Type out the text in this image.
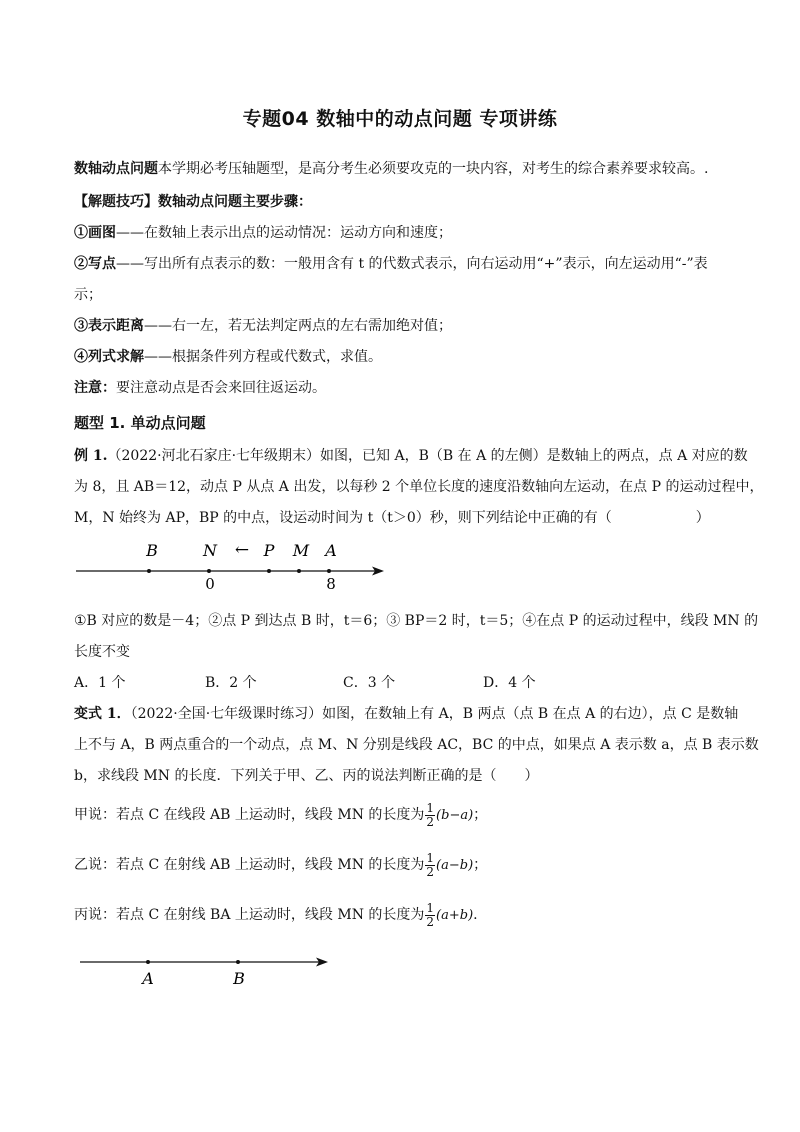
专题04 数轴中的动点问题 专项讲练
数轴动点问题本学期必考压轴题型，是高分考生必须要攻克的一块内容，对考生的综合素养要求较高。.
【解题技巧】数轴动点问题主要步骤：
①画图——在数轴上表示出点的运动情况：运动方向和速度；
②写点——写出所有点表示的数：一般用含有 t 的代数式表示，向右运动用“+”表示，向左运动用“-”表
示；
③表示距离——右一左，若无法判定两点的左右需加绝对值；
④列式求解——根据条件列方程或代数式，求值。
注意：要注意动点是否会来回往返运动。
题型 1. 单动点问题
例 1.（2022·河北石家庄·七年级期末）如图，已知 A，B（B 在 A 的左侧）是数轴上的两点，点 A 对应的数
为 8，且 AB＝12，动点 P 从点 A 出发，以每秒 2 个单位长度的速度沿数轴向左运动，在点 P 的运动过程中，
M，N 始终为 AP，BP 的中点，设运动时间为 t（t＞0）秒，则下列结论中正确的有（　　　　　　）
B	N ← P M A
0	8
①B 对应的数是－4；②点 P 到达点 B 时，t＝6；③ BP＝2 时，t＝5；④在点 P 的运动过程中，线段 MN 的
长度不变
A．1 个	B．2 个	C．3 个	D．4 个
变式 1．（2022·全国·七年级课时练习）如图，在数轴上有 A，B 两点（点 B 在点 A 的右边），点 C 是数轴
上不与 A，B 两点重合的一个动点，点 M、N 分别是线段 AC，BC 的中点，如果点 A 表示数 a，点 B 表示数
b，求线段 MN 的长度．下列关于甲、乙、丙的说法判断正确的是（　　）
甲说：若点 C 在线段 AB 上运动时，线段 MN 的长度为 $\frac{1}{2} (b-a)$；
乙说：若点 C 在射线 AB 上运动时，线段 MN 的长度为 $\frac{1}{2} (a-b)$；
丙说：若点 C 在射线 BA 上运动时，线段 MN 的长度为 $\frac{1}{2} (a+b)$.
A	B
